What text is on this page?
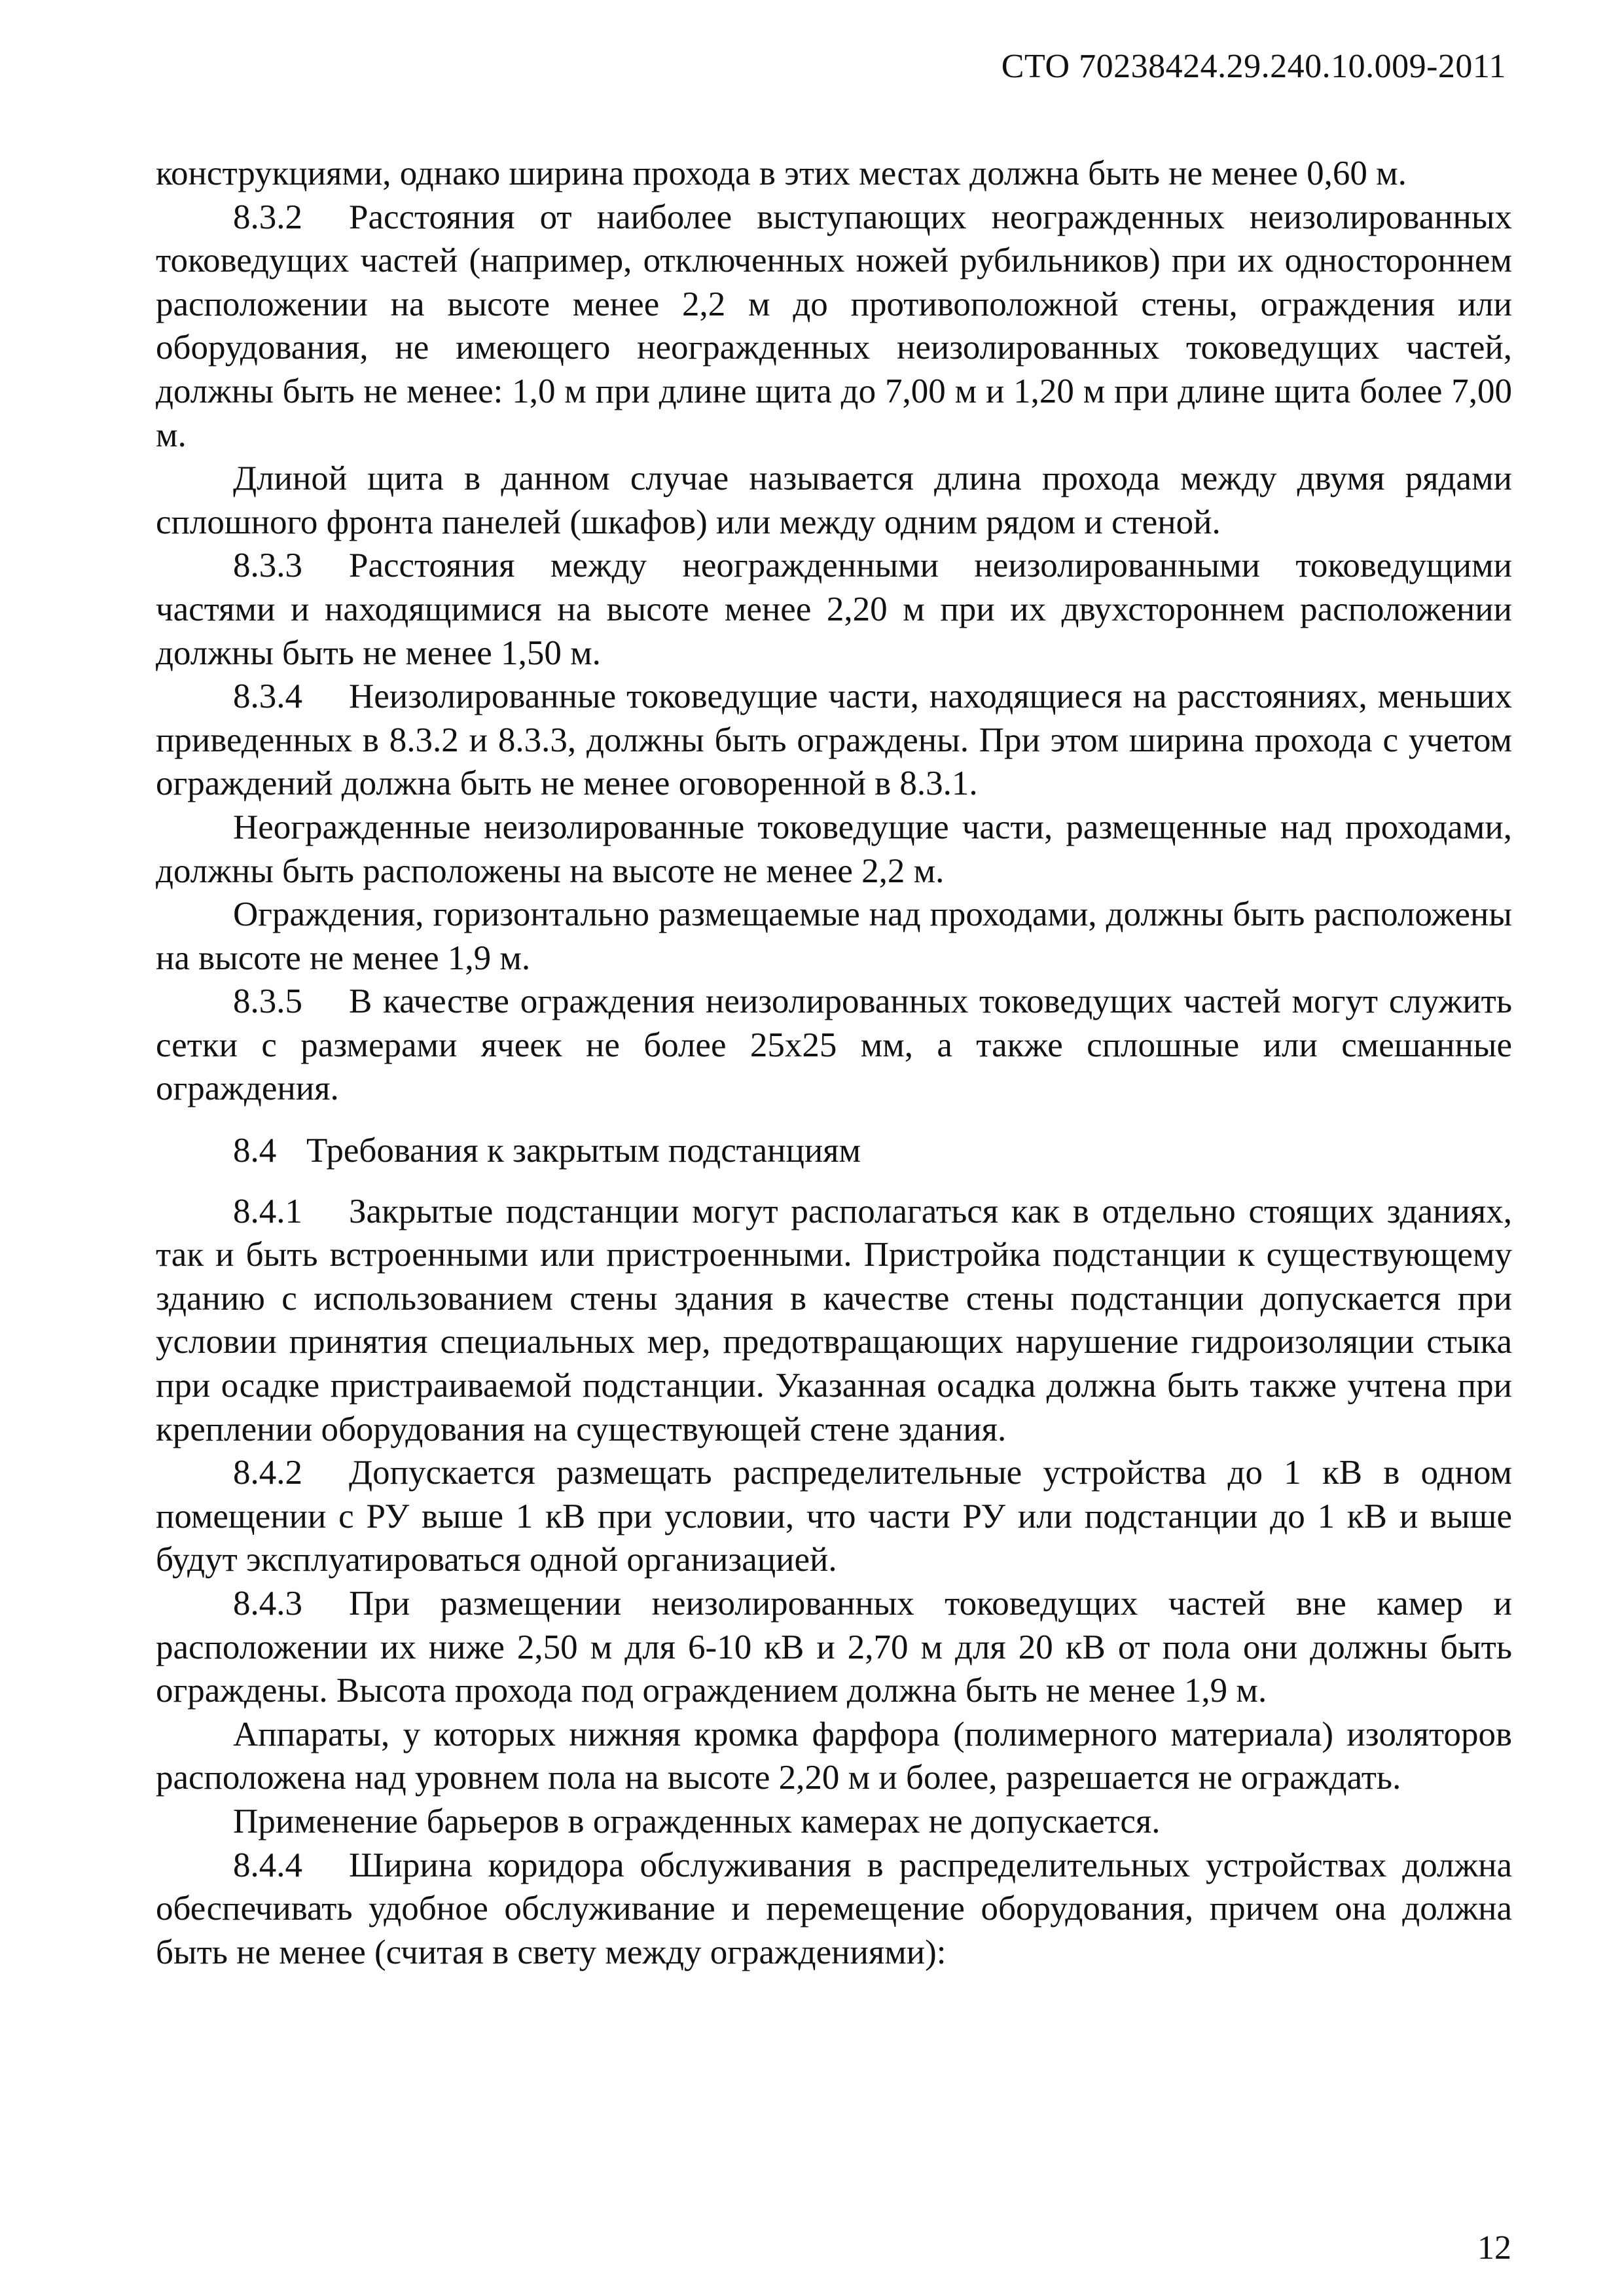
СТО 70238424.29.240.10.009-2011

конструкциями, однако ширина прохода в этих местах должна быть не менее 0,60 м.

8.3.2 Расстояния от наиболее выступающих неогражденных неизолированных токоведущих частей (например, отключенных ножей рубильников) при их одностороннем расположении на высоте менее 2,2 м до противоположной стены, ограждения или оборудования, не имеющего неогражденных неизолированных токоведущих частей, должны быть не менее: 1,0 м при длине щита до 7,00 м и 1,20 м при длине щита более 7,00 м.

Длиной щита в данном случае называется длина прохода между двумя рядами сплошного фронта панелей (шкафов) или между одним рядом и стеной.

8.3.3 Расстояния между неогражденными неизолированными токоведущими частями и находящимися на высоте менее 2,20 м при их двухстороннем расположении должны быть не менее 1,50 м.

8.3.4 Неизолированные токоведущие части, находящиеся на расстояниях, меньших приведенных в 8.3.2 и 8.3.3, должны быть ограждены. При этом ширина прохода с учетом ограждений должна быть не менее оговоренной в 8.3.1.

Неогражденные неизолированные токоведущие части, размещенные над проходами, должны быть расположены на высоте не менее 2,2 м.

Ограждения, горизонтально размещаемые над проходами, должны быть расположены на высоте не менее 1,9 м.

8.3.5 В качестве ограждения неизолированных токоведущих частей могут служить сетки с размерами ячеек не более 25х25 мм, а также сплошные или смешанные ограждения.

8.4 Требования к закрытым подстанциям

8.4.1 Закрытые подстанции могут располагаться как в отдельно стоящих зданиях, так и быть встроенными или пристроенными. Пристройка подстанции к существующему зданию с использованием стены здания в качестве стены подстанции допускается при условии принятия специальных мер, предотвращающих нарушение гидроизоляции стыка при осадке пристраиваемой подстанции. Указанная осадка должна быть также учтена при креплении оборудования на существующей стене здания.

8.4.2 Допускается размещать распределительные устройства до 1 кВ в одном помещении с РУ выше 1 кВ при условии, что части РУ или подстанции до 1 кВ и выше будут эксплуатироваться одной организацией.

8.4.3 При размещении неизолированных токоведущих частей вне камер и расположении их ниже 2,50 м для 6-10 кВ и 2,70 м для 20 кВ от пола они должны быть ограждены. Высота прохода под ограждением должна быть не менее 1,9 м.

Аппараты, у которых нижняя кромка фарфора (полимерного материала) изоляторов расположена над уровнем пола на высоте 2,20 м и более, разрешается не ограждать.

Применение барьеров в огражденных камерах не допускается.

8.4.4 Ширина коридора обслуживания в распределительных устройствах должна обеспечивать удобное обслуживание и перемещение оборудования, причем она должна быть не менее (считая в свету между ограждениями):

12
